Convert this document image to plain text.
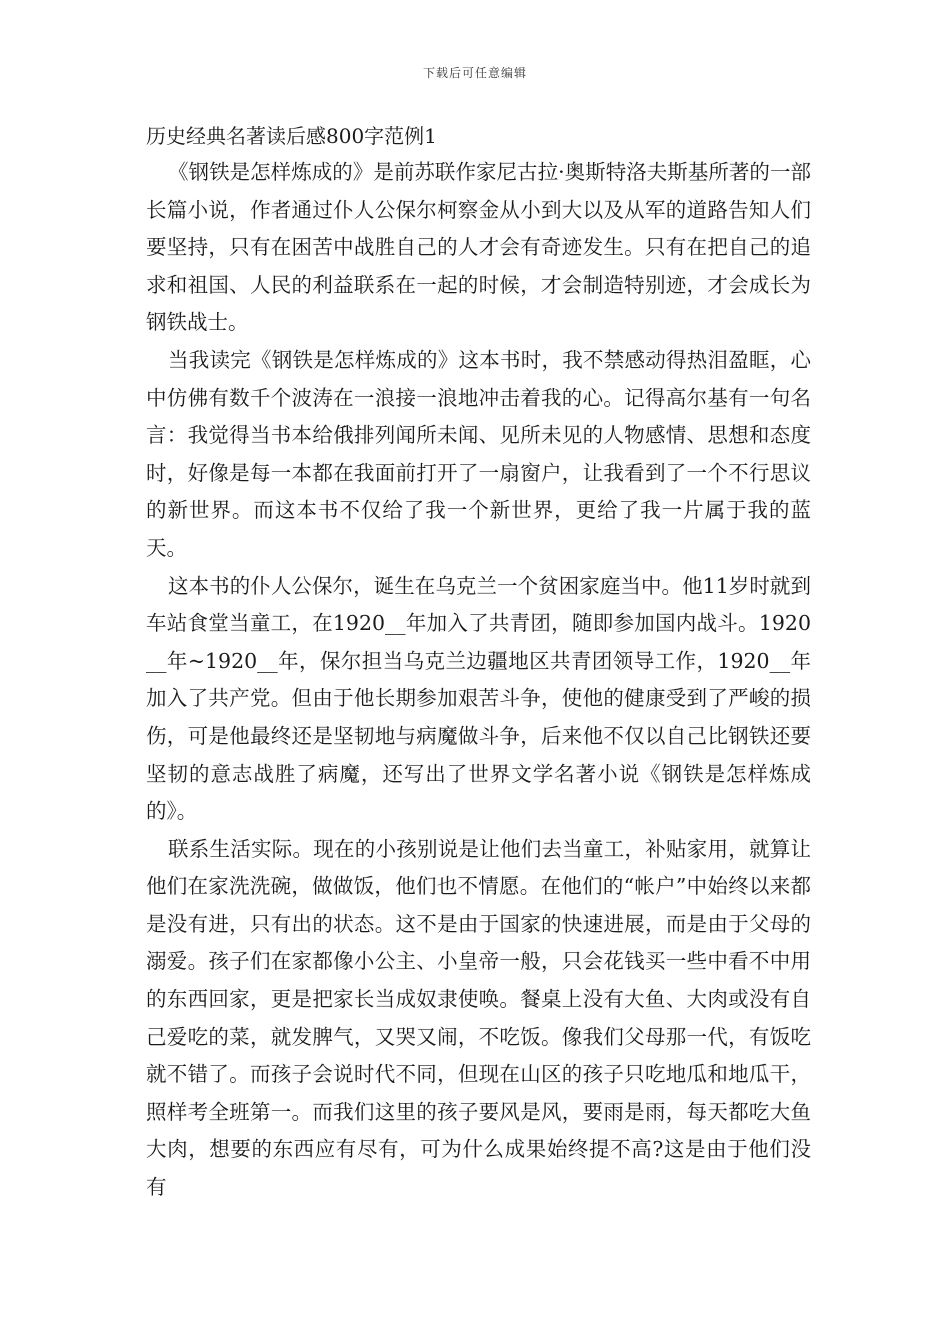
下载后可任意编辑
历史经典名著读后感800字范例1

《钢铁是怎样炼成的》是前苏联作家尼古拉·奥斯特洛夫斯基所著的一部长篇小说，作者通过仆人公保尔柯察金从小到大以及从军的道路告知人们要坚持，只有在困苦中战胜自己的人才会有奇迹发生。只有在把自己的追求和祖国、人民的利益联系在一起的时候，才会制造特别迹，才会成长为钢铁战士。

当我读完《钢铁是怎样炼成的》这本书时，我不禁感动得热泪盈眶，心中仿佛有数千个波涛在一浪接一浪地冲击着我的心。记得高尔基有一句名言：我觉得当书本给俄排列闻所未闻、见所未见的人物感情、思想和态度时，好像是每一本都在我面前打开了一扇窗户，让我看到了一个不行思议的新世界。而这本书不仅给了我一个新世界，更给了我一片属于我的蓝天。

这本书的仆人公保尔，诞生在乌克兰一个贫困家庭当中。他11岁时就到车站食堂当童工，在1920__年加入了共青团，随即参加国内战斗。1920__年~1920__年，保尔担当乌克兰边疆地区共青团领导工作，1920__年加入了共产党。但由于他长期参加艰苦斗争，使他的健康受到了严峻的损伤，可是他最终还是坚韧地与病魔做斗争，后来他不仅以自己比钢铁还要坚韧的意志战胜了病魔，还写出了世界文学名著小说《钢铁是怎样炼成的》。

联系生活实际。现在的小孩别说是让他们去当童工，补贴家用，就算让他们在家洗洗碗，做做饭，他们也不情愿。在他们的“帐户”中始终以来都是没有进，只有出的状态。这不是由于国家的快速进展，而是由于父母的溺爱。孩子们在家都像小公主、小皇帝一般，只会花钱买一些中看不中用的东西回家，更是把家长当成奴隶使唤。餐桌上没有大鱼、大肉或没有自己爱吃的菜，就发脾气，又哭又闹，不吃饭。像我们父母那一代，有饭吃就不错了。而孩子会说时代不同，但现在山区的孩子只吃地瓜和地瓜干，照样考全班第一。而我们这里的孩子要风是风，要雨是雨，每天都吃大鱼大肉，想要的东西应有尽有，可为什么成果始终提不高?这是由于他们没有
